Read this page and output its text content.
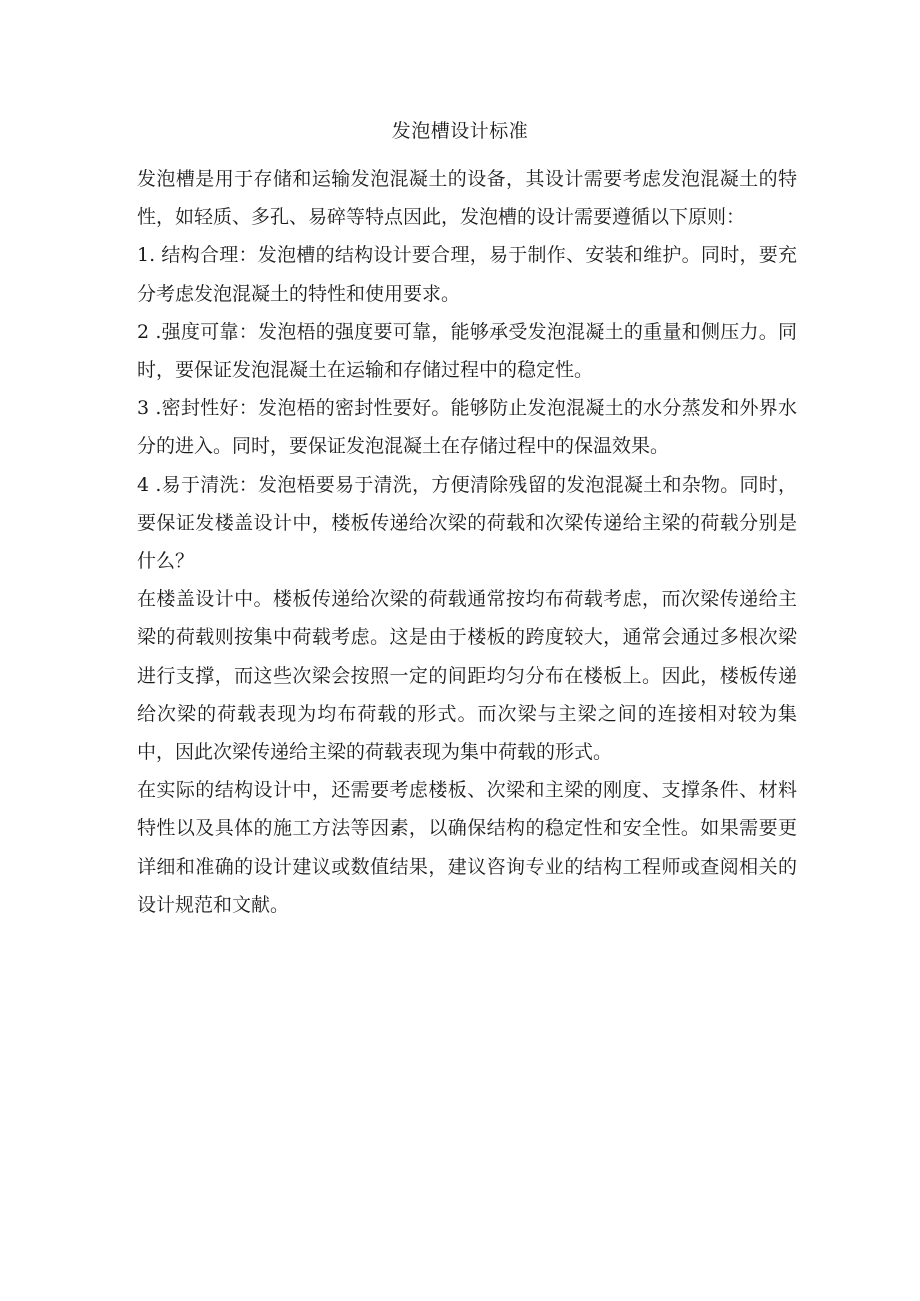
发泡槽设计标准

发泡槽是用于存储和运输发泡混凝土的设备，其设计需要考虑发泡混凝土的特性，如轻质、多孔、易碎等特点因此，发泡槽的设计需要遵循以下原则：

1. 结构合理：发泡槽的结构设计要合理，易于制作、安装和维护。同时，要充分考虑发泡混凝土的特性和使用要求。

2 .强度可靠：发泡梧的强度要可靠，能够承受发泡混凝土的重量和侧压力。同时，要保证发泡混凝土在运输和存储过程中的稳定性。

3 .密封性好：发泡梧的密封性要好。能够防止发泡混凝土的水分蒸发和外界水分的进入。同时，要保证发泡混凝土在存储过程中的保温效果。

4 .易于清洗：发泡梧要易于清洗，方便清除残留的发泡混凝土和杂物。同时，要保证发楼盖设计中，楼板传递给次梁的荷载和次梁传递给主梁的荷载分别是什么？

在楼盖设计中。楼板传递给次梁的荷载通常按均布荷载考虑，而次梁传递给主梁的荷载则按集中荷载考虑。这是由于楼板的跨度较大，通常会通过多根次梁进行支撑，而这些次梁会按照一定的间距均匀分布在楼板上。因此，楼板传递给次梁的荷载表现为均布荷载的形式。而次梁与主梁之间的连接相对较为集中，因此次梁传递给主梁的荷载表现为集中荷载的形式。

在实际的结构设计中，还需要考虑楼板、次梁和主梁的刚度、支撑条件、材料特性以及具体的施工方法等因素，以确保结构的稳定性和安全性。如果需要更详细和准确的设计建议或数值结果，建议咨询专业的结构工程师或查阅相关的设计规范和文献。
